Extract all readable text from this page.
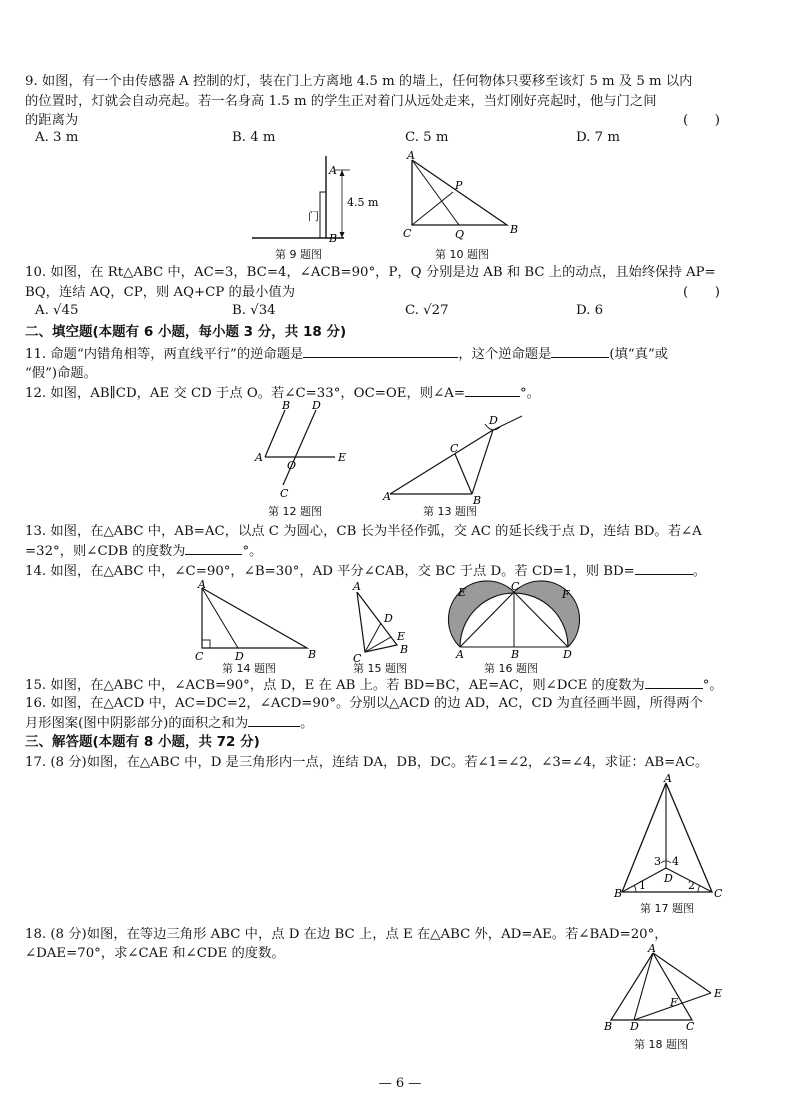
9. 如图，有一个由传感器 A 控制的灯，装在门上方离地 4.5 m 的墙上，任何物体只要移至该灯 5 m 及 5 m 以内
的位置时，灯就会自动亮起。若一名身高 1.5 m 的学生正对着门从远处走来，当灯刚好亮起时，他与门之间
的距离为	(　　)
A. 3 m	B. 4 m	C. 5 m	D. 7 m
A
B
门
4.5 m
第 9 题图
A
P
C	Q	B
第 10 题图
10. 如图，在 Rt△ABC 中，AC=3，BC=4，∠ACB=90°，P，Q 分别是边 AB 和 BC 上的动点，且始终保持 AP=
BQ，连结 AQ，CP，则 AQ+CP 的最小值为	(　　)
A. √45	B. √34	C. √27	D. 6
二、填空题(本题有 6 小题，每小题 3 分，共 18 分)
11. 命题“内错角相等，两直线平行”的逆命题是	，这个逆命题是	(填“真”或
“假”)命题。
12. 如图，AB∥CD，AE 交 CD 于点 O。若∠C=33°，OC=OE，则∠A=	°。
B D
A
O
E
C
第 12 题图
A
C
D
B
第 13 题图
13. 如图，在△ABC 中，AB=AC，以点 C 为圆心，CB 长为半径作弧，交 AC 的延长线于点 D，连结 BD。若∠A
=32°，则∠CDB 的度数为	°。
14. 如图，在△ABC 中，∠C=90°，∠B=30°，AD 平分∠CAB，交 BC 于点 D。若 CD=1，则 BD=	。
A
C	D	B
第 14 题图
A
D
E
C
B
第 15 题图
A	B	D
C
E	F
第 16 题图
15. 如图，在△ABC 中，∠ACB=90°，点 D，E 在 AB 上。若 BD=BC，AE=AC，则∠DCE 的度数为	°。
16. 如图，在△ACD 中，AC=DC=2，∠ACD=90°。分别以△ACD 的边 AD，AC，CD 为直径画半圆，所得两个
月形图案(图中阴影部分)的面积之和为	。
三、解答题(本题有 8 小题，共 72 分)
17. (8 分)如图，在△ABC 中，D 是三角形内一点，连结 DA，DB，DC。若∠1=∠2，∠3=∠4，求证：AB=AC。
A
D
B	C
3 4
1	2
第 17 题图
18. (8 分)如图，在等边三角形 ABC 中，点 D 在边 BC 上，点 E 在△ABC 外，AD=AE。若∠BAD=20°，
∠DAE=70°，求∠CAE 和∠CDE 的度数。	A
E
F
B D	C
第 18 题图
— 6 —
